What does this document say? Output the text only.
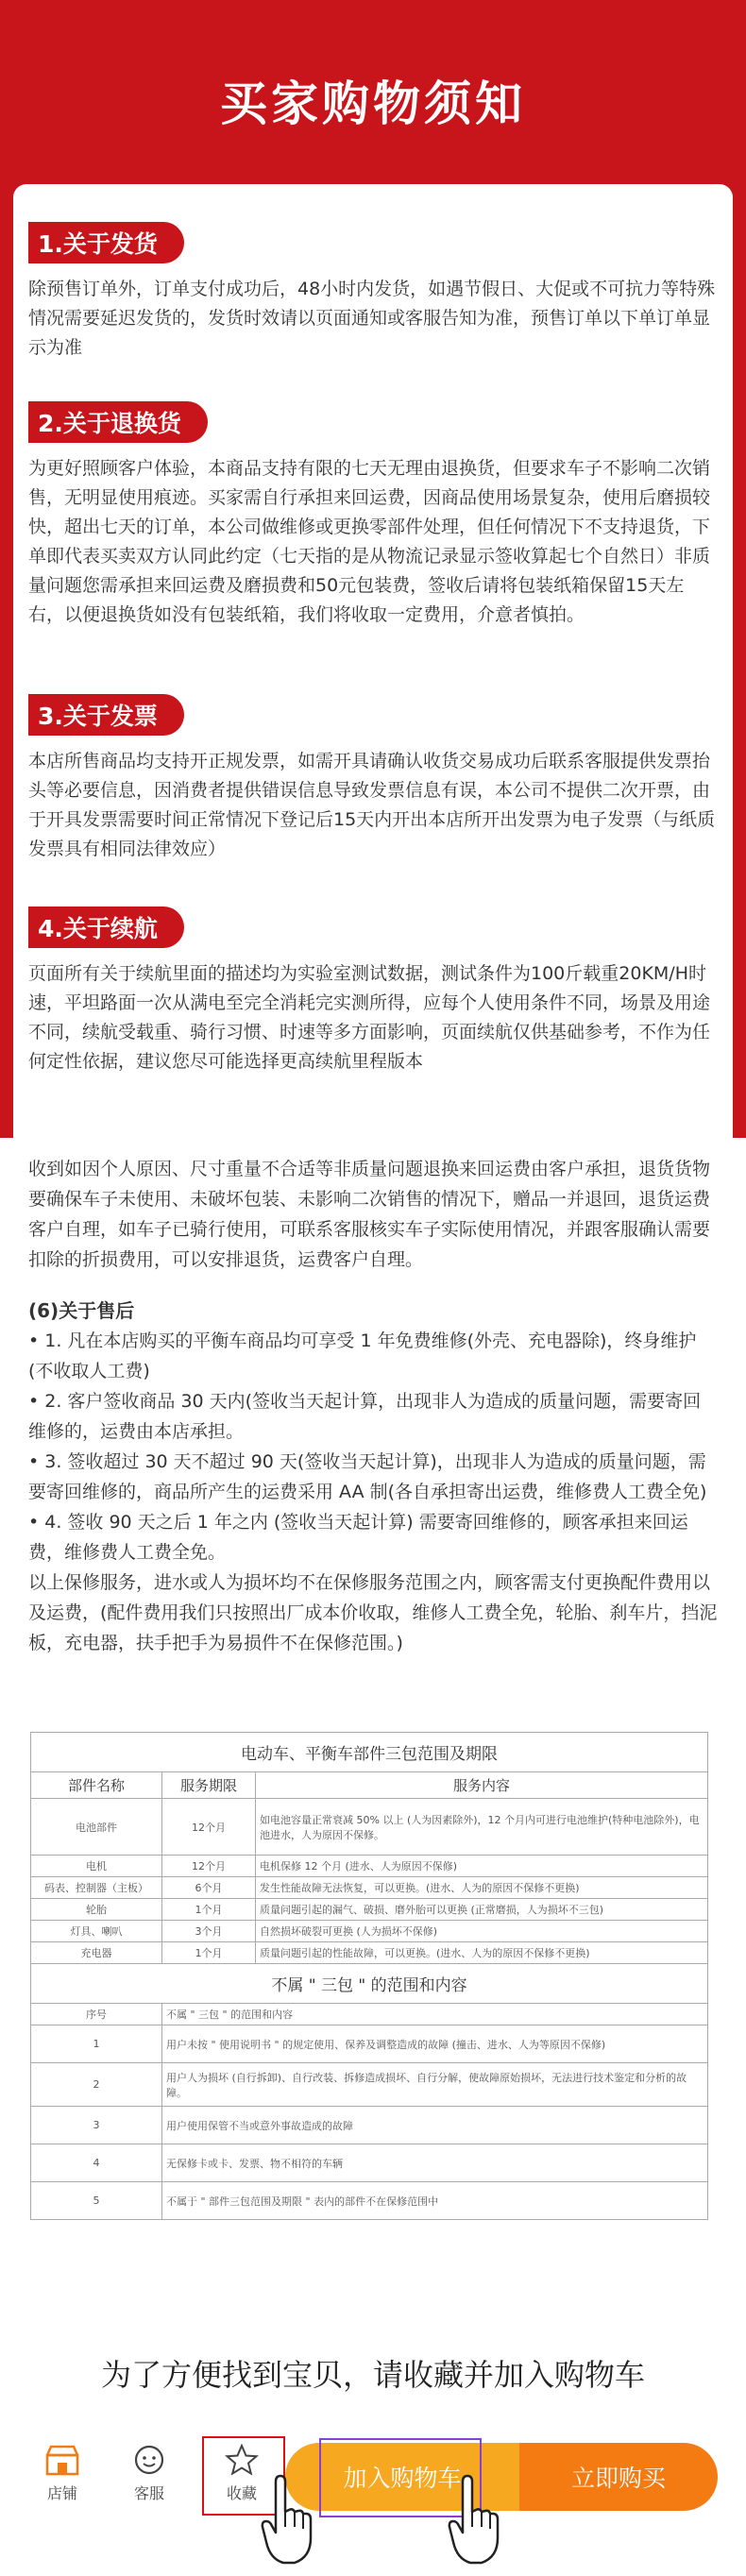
买家购物须知
1.关于发货
除预售订单外，订单支付成功后，48小时内发货，如遇节假日、大促或不可抗力等特殊情况需要延迟发货的，发货时效请以页面通知或客服告知为准，预售订单以下单订单显示为准
2.关于退换货
为更好照顾客户体验，本商品支持有限的七天无理由退换货，但要求车子不影响二次销售，无明显使用痕迹。买家需自行承担来回运费，因商品使用场景复杂，使用后磨损较快，超出七天的订单，本公司做维修或更换零部件处理，但任何情况下不支持退货，下单即代表买卖双方认同此约定（七天指的是从物流记录显示签收算起七个自然日）非质量问题您需承担来回运费及磨损费和50元包装费，签收后请将包装纸箱保留15天左右，以便退换货如没有包装纸箱，我们将收取一定费用，介意者慎拍。
3.关于发票
本店所售商品均支持开正规发票，如需开具请确认收货交易成功后联系客服提供发票抬头等必要信息，因消费者提供错误信息导致发票信息有误，本公司不提供二次开票，由于开具发票需要时间正常情况下登记后15天内开出本店所开出发票为电子发票（与纸质发票具有相同法律效应）
4.关于续航
页面所有关于续航里面的描述均为实验室测试数据，测试条件为100斤载重20KM/H时速，平坦路面一次从满电至完全消耗完实测所得，应每个人使用条件不同，场景及用途不同，续航受载重、骑行习惯、时速等多方面影响，页面续航仅供基础参考，不作为任何定性依据，建议您尽可能选择更高续航里程版本
收到如因个人原因、尺寸重量不合适等非质量问题退换来回运费由客户承担，退货货物要确保车子未使用、未破坏包装、未影响二次销售的情况下，赠品一并退回，退货运费客户自理，如车子已骑行使用，可联系客服核实车子实际使用情况，并跟客服确认需要扣除的折损费用，可以安排退货，运费客户自理。
(6)关于售后
• 1. 凡在本店购买的平衡车商品均可享受 1 年免费维修(外壳、充电器除)，终身维护(不收取人工费)
• 2. 客户签收商品 30 天内(签收当天起计算，出现非人为造成的质量问题，需要寄回维修的，运费由本店承担。
• 3. 签收超过 30 天不超过 90 天(签收当天起计算)，出现非人为造成的质量问题，需要寄回维修的，商品所产生的运费采用 AA 制(各自承担寄出运费，维修费人工费全免)
• 4. 签收 90 天之后 1 年之内 (签收当天起计算) 需要寄回维修的，顾客承担来回运费，维修费人工费全免。
以上保修服务，进水或人为损坏均不在保修服务范围之内，顾客需支付更换配件费用以及运费，(配件费用我们只按照出厂成本价收取，维修人工费全免，轮胎、刹车片，挡泥板，充电器，扶手把手为易损件不在保修范围。)
电动车、平衡车部件三包范围及期限		
部件名称	服务期限	服务内容
电池部件	12个月	如电池容量正常衰减 50% 以上 (人为因素除外)，12 个月内可进行电池维护(特种电池除外)，电池进水，人为原因不保修。
电机	12个月	电机保修 12 个月 (进水、人为原因不保修)
码表、控制器（主板）	6个月	发生性能故障无法恢复，可以更换。(进水、人为的原因不保修不更换)
轮胎	1个月	质量问题引起的漏气、破损、磨外胎可以更换 (正常磨损，人为损坏不三包)
灯具、喇叭	3个月	自然损坏破裂可更换 (人为损坏不保修)
充电器	1个月	质量问题引起的性能故障，可以更换。(进水、人为的原因不保修不更换)
不属 " 三包 " 的范围和内容		
序号	不属 " 三包 " 的范围和内容	
1	用户未按 " 使用说明书 " 的规定使用、保养及调整造成的故障 (撞击、进水、人为等原因不保修)	
2	用户人为损坏 (自行拆卸)、自行改装、拆修造成损坏、自行分解，使故障原始损坏，无法进行技术鉴定和分析的故障。	
3	用户使用保管不当或意外事故造成的故障	
4	无保修卡或卡、发票、物不相符的车辆	
5	不属于 " 部件三包范围及期限 " 表内的部件不在保修范围中	
为了方便找到宝贝，请收藏并加入购物车
店铺	客服	收藏
加入购物车	立即购买
